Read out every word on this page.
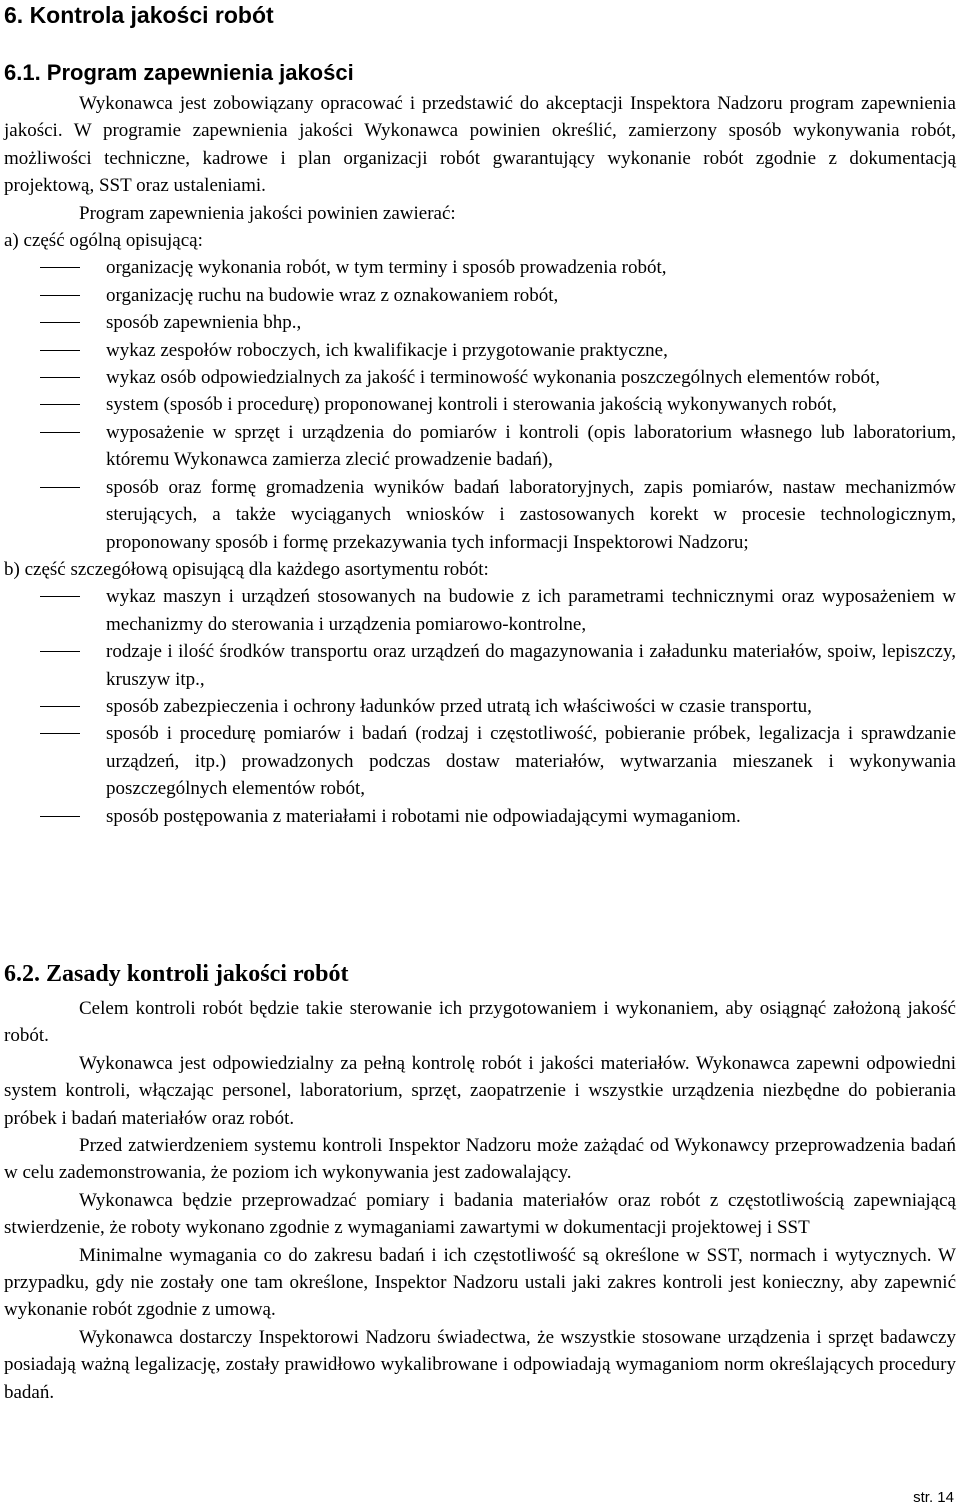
6. Kontrola jakości robót
6.1. Program zapewnienia jakości

Wykonawca jest zobowiązany opracować i przedstawić do akceptacji Inspektora Nadzoru program zapewnienia jakości. W programie zapewnienia jakości Wykonawca powinien określić, zamierzony sposób wykonywania robót, możliwości techniczne, kadrowe i plan organizacji robót gwarantujący wykonanie robót zgodnie z dokumentacją projektową, SST oraz ustaleniami.

Program zapewnienia jakości powinien zawierać:

a) część ogólną opisującą:

organizację wykonania robót, w tym terminy i sposób prowadzenia robót,
organizację ruchu na budowie wraz z oznakowaniem robót,
sposób zapewnienia bhp.,
wykaz zespołów roboczych, ich kwalifikacje i przygotowanie praktyczne,
wykaz osób odpowiedzialnych za jakość i terminowość wykonania poszczególnych elementów robót,
system (sposób i procedurę) proponowanej kontroli i sterowania jakością wykonywanych robót,
wyposażenie w sprzęt i urządzenia do pomiarów i kontroli (opis laboratorium własnego lub laboratorium, któremu Wykonawca zamierza zlecić prowadzenie badań),
sposób oraz formę gromadzenia wyników badań laboratoryjnych, zapis pomiarów, nastaw mechanizmów sterujących, a także wyciąganych wniosków i zastosowanych korekt w procesie technologicznym, proponowany sposób i formę przekazywania tych informacji Inspektorowi Nadzoru;

b) część szczegółową opisującą dla każdego asortymentu robót:

wykaz maszyn i urządzeń stosowanych na budowie z ich parametrami technicznymi oraz wyposażeniem w mechanizmy do sterowania i urządzenia pomiarowo-kontrolne,
rodzaje i ilość środków transportu oraz urządzeń do magazynowania i załadunku materiałów, spoiw, lepiszczy, kruszyw itp.,
sposób zabezpieczenia i ochrony ładunków przed utratą ich właściwości w czasie transportu,
sposób i procedurę pomiarów i badań (rodzaj i częstotliwość, pobieranie próbek, legalizacja i sprawdzanie urządzeń, itp.) prowadzonych podczas dostaw materiałów, wytwarzania mieszanek i wykonywania poszczególnych elementów robót,
sposób postępowania z materiałami i robotami nie odpowiadającymi wymaganiom.
6.2. Zasady kontroli jakości robót

Celem kontroli robót będzie takie sterowanie ich przygotowaniem i wykonaniem, aby osiągnąć założoną jakość robót.

Wykonawca jest odpowiedzialny za pełną kontrolę robót i jakości materiałów. Wykonawca zapewni odpowiedni system kontroli, włączając personel, laboratorium, sprzęt, zaopatrzenie i wszystkie urządzenia niezbędne do pobierania próbek i badań materiałów oraz robót.

Przed zatwierdzeniem systemu kontroli Inspektor Nadzoru może zażądać od Wykonawcy przeprowadzenia badań w celu zademonstrowania, że poziom ich wykonywania jest zadowalający.

Wykonawca będzie przeprowadzać pomiary i badania materiałów oraz robót z częstotliwością zapewniającą stwierdzenie, że roboty wykonano zgodnie z wymaganiami zawartymi w dokumentacji projektowej i SST

Minimalne wymagania co do zakresu badań i ich częstotliwość są określone w SST, normach i wytycznych. W przypadku, gdy nie zostały one tam określone, Inspektor Nadzoru ustali jaki zakres kontroli jest konieczny, aby zapewnić wykonanie robót zgodnie z umową.

Wykonawca dostarczy Inspektorowi Nadzoru świadectwa, że wszystkie stosowane urządzenia i sprzęt badawczy posiadają ważną legalizację, zostały prawidłowo wykalibrowane i odpowiadają wymaganiom norm określających procedury badań.

str. 14
